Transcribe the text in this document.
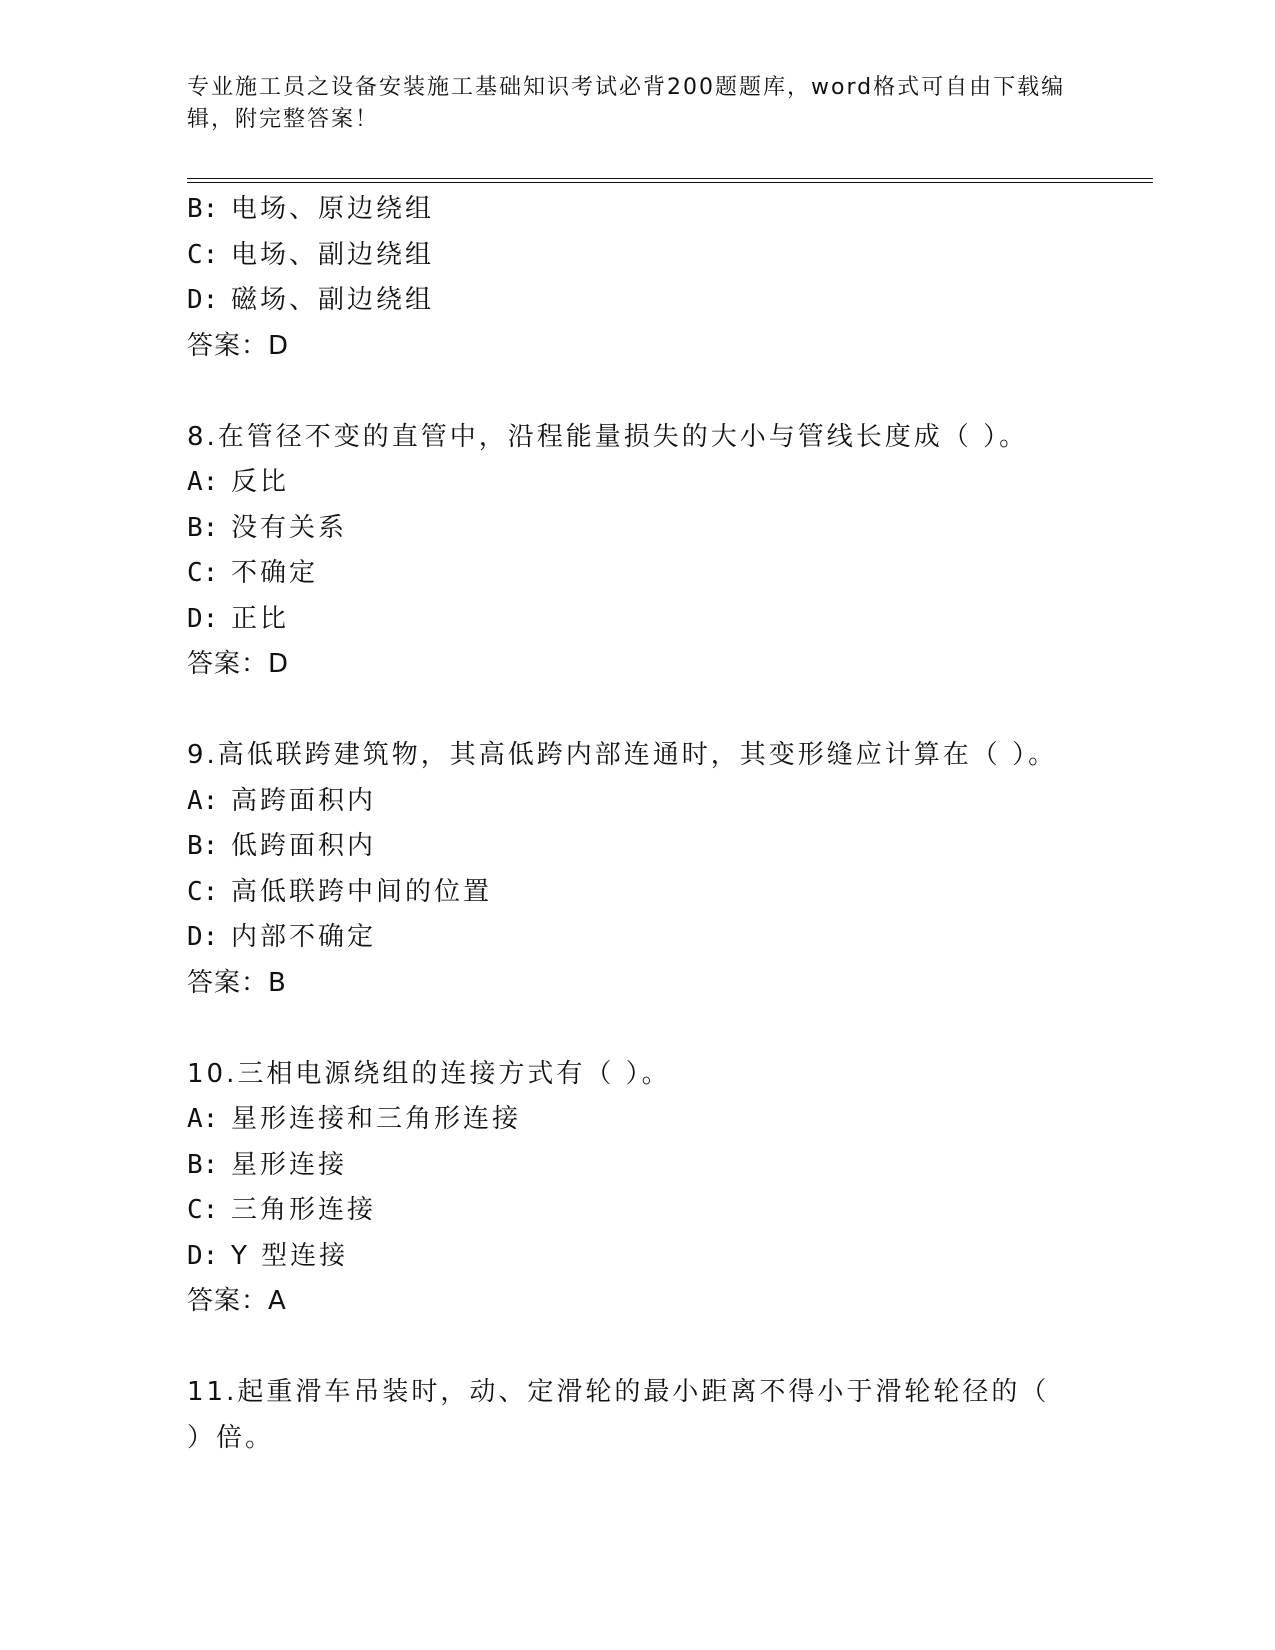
专业施工员之设备安装施工基础知识考试必背200题题库，word格式可自由下载编辑，附完整答案！
B: 电场、原边绕组
C: 电场、副边绕组
D: 磁场、副边绕组
答案：D
8.在管径不变的直管中，沿程能量损失的大小与管线长度成（ ）。
A: 反比
B: 没有关系
C: 不确定
D: 正比
答案：D
9.高低联跨建筑物，其高低跨内部连通时，其变形缝应计算在（ ）。
A: 高跨面积内
B: 低跨面积内
C: 高低联跨中间的位置
D: 内部不确定
答案：B
10.三相电源绕组的连接方式有（ ）。
A: 星形连接和三角形连接
B: 星形连接
C: 三角形连接
D: Y 型连接
答案：A
11.起重滑车吊装时，动、定滑轮的最小距离不得小于滑轮轮径的（ ）倍。
